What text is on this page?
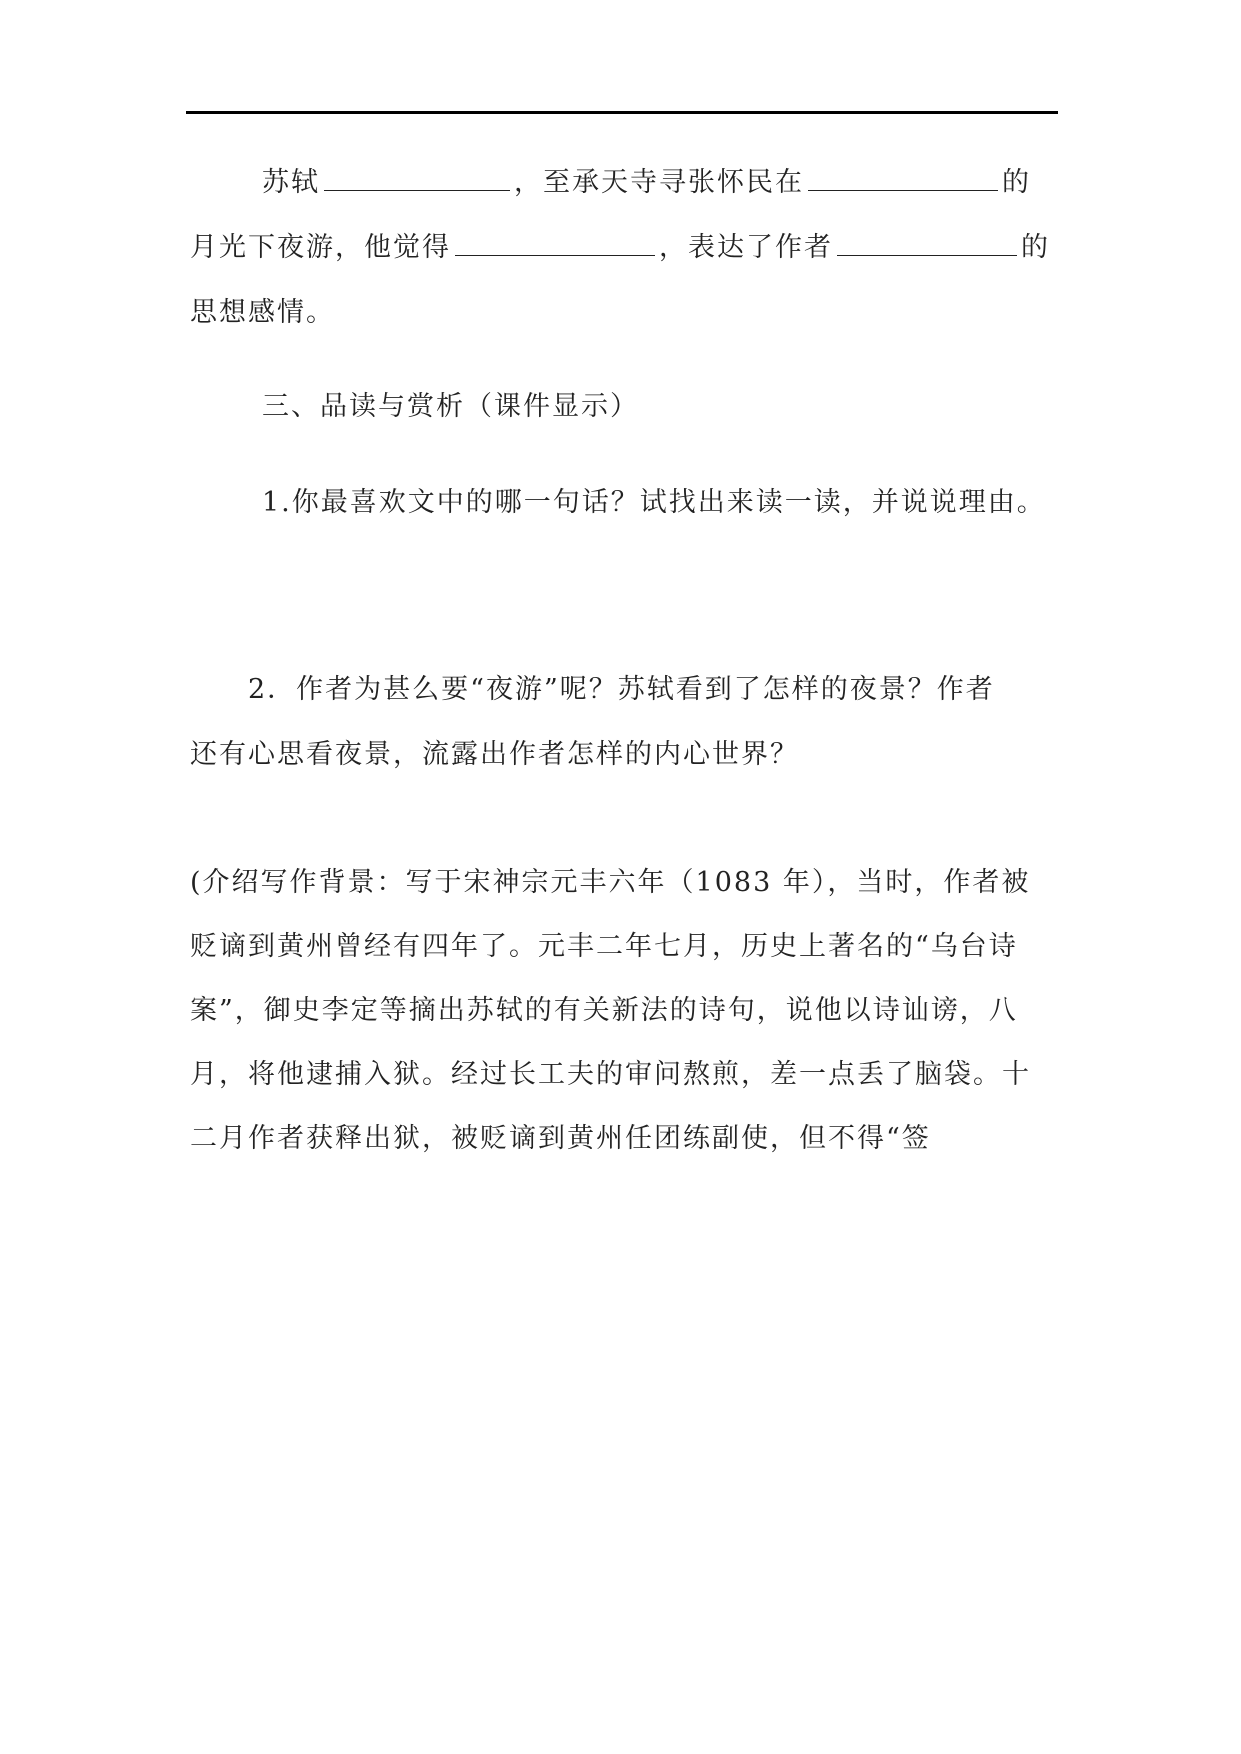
苏轼	，至承天寺寻张怀民在	的
月光下夜游，他觉得	，表达了作者	的
思想感情。
三、品读与赏析（课件显示）
1.你最喜欢文中的哪一句话？试找出来读一读，并说说理由。
2．作者为甚么要“夜游”呢？苏轼看到了怎样的夜景？作者
还有心思看夜景，流露出作者怎样的内心世界？
(介绍写作背景：写于宋神宗元丰六年（1083 年），当时，作者被
贬谪到黄州曾经有四年了。元丰二年七月，历史上著名的“乌台诗
案”，御史李定等摘出苏轼的有关新法的诗句，说他以诗讪谤，八
月，将他逮捕入狱。经过长工夫的审问熬煎，差一点丢了脑袋。十
二月作者获释出狱，被贬谪到黄州任团练副使，但不得“签
